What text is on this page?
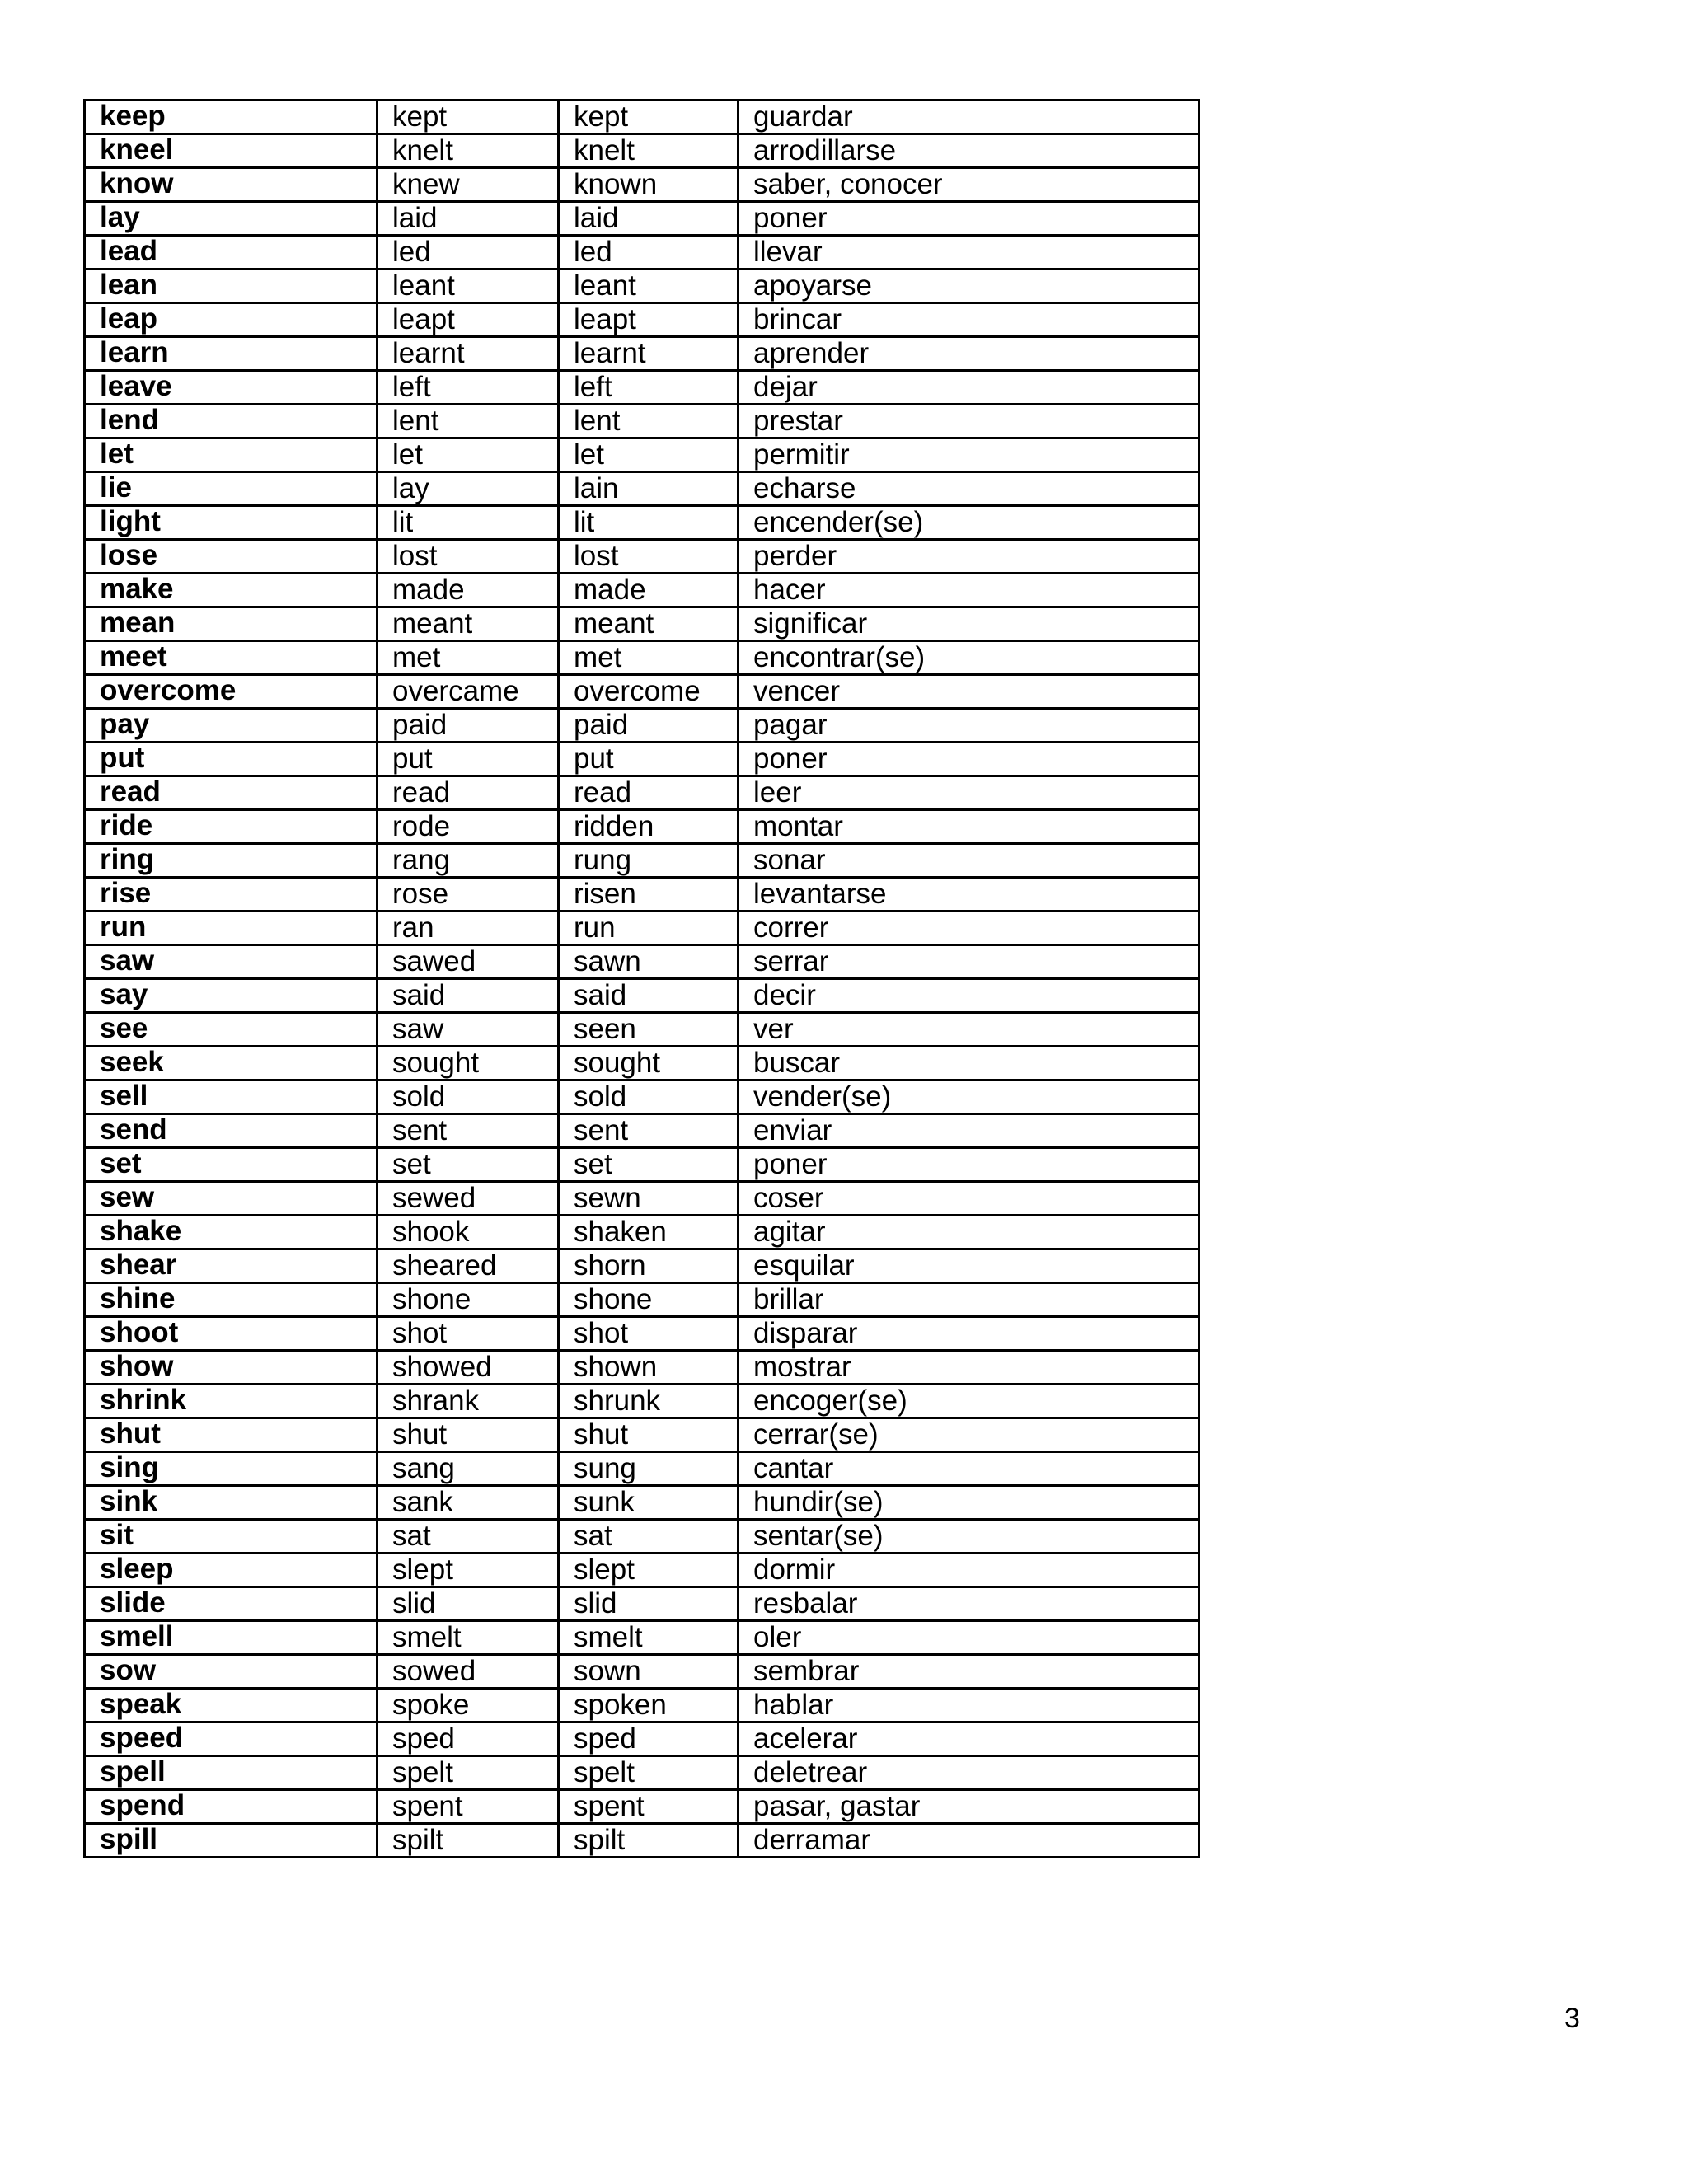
keep	kept	kept	guardar
kneel	knelt	knelt	arrodillarse
know	knew	known	saber, conocer
lay	laid	laid	poner
lead	led	led	llevar
lean	leant	leant	apoyarse
leap	leapt	leapt	brincar
learn	learnt	learnt	aprender
leave	left	left	dejar
lend	lent	lent	prestar
let	let	let	permitir
lie	lay	lain	echarse
light	lit	lit	encender(se)
lose	lost	lost	perder
make	made	made	hacer
mean	meant	meant	significar
meet	met	met	encontrar(se)
overcome	overcame	overcome	vencer
pay	paid	paid	pagar
put	put	put	poner
read	read	read	leer
ride	rode	ridden	montar
ring	rang	rung	sonar
rise	rose	risen	levantarse
run	ran	run	correr
saw	sawed	sawn	serrar
say	said	said	decir
see	saw	seen	ver
seek	sought	sought	buscar
sell	sold	sold	vender(se)
send	sent	sent	enviar
set	set	set	poner
sew	sewed	sewn	coser
shake	shook	shaken	agitar
shear	sheared	shorn	esquilar
shine	shone	shone	brillar
shoot	shot	shot	disparar
show	showed	shown	mostrar
shrink	shrank	shrunk	encoger(se)
shut	shut	shut	cerrar(se)
sing	sang	sung	cantar
sink	sank	sunk	hundir(se)
sit	sat	sat	sentar(se)
sleep	slept	slept	dormir
slide	slid	slid	resbalar
smell	smelt	smelt	oler
sow	sowed	sown	sembrar
speak	spoke	spoken	hablar
speed	sped	sped	acelerar
spell	spelt	spelt	deletrear
spend	spent	spent	pasar, gastar
spill	spilt	spilt	derramar
3
